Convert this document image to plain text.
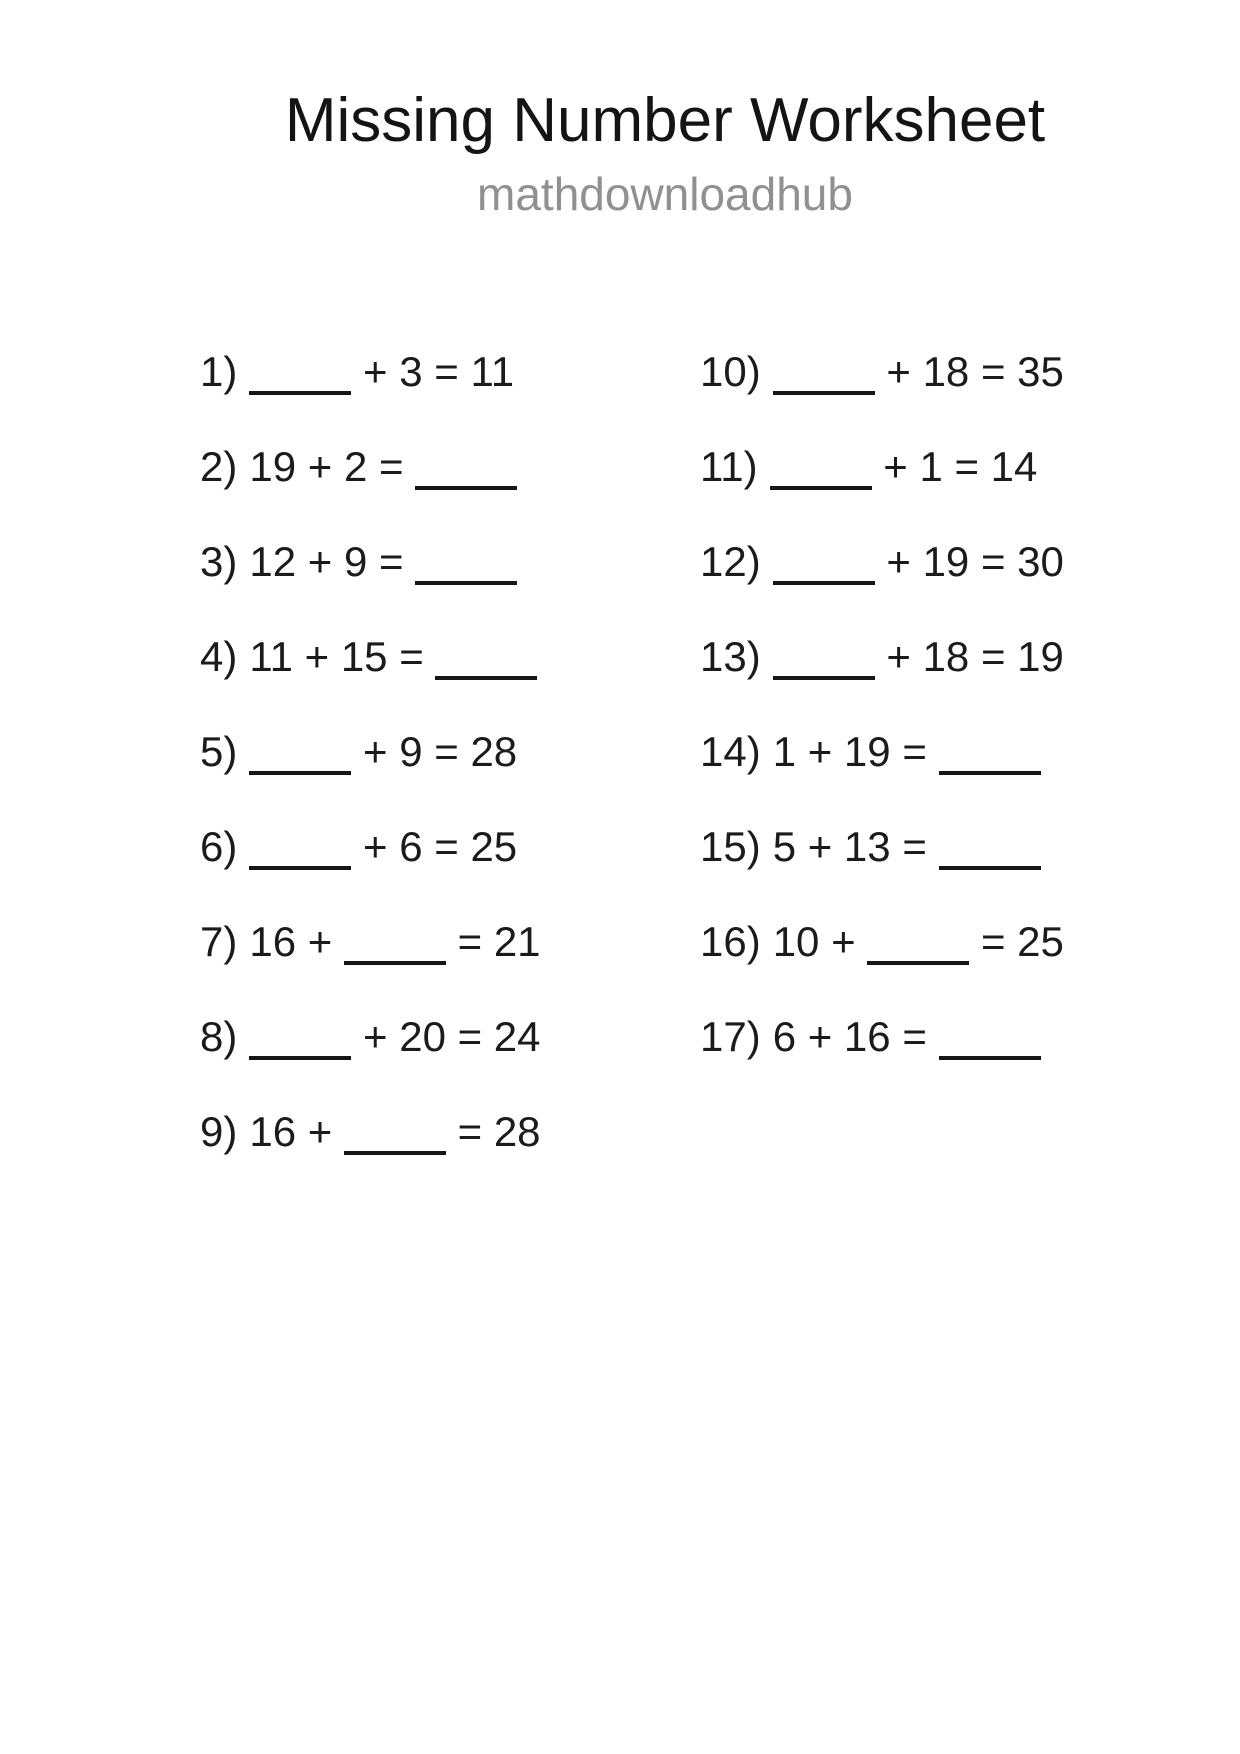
Missing Number Worksheet
mathdownloadhub
1)	+ 3 = 11
2) 19 + 2 =
3) 12 + 9 =
4) 11 + 15 =
5)	+ 9 = 28
6)	+ 6 = 25
7) 16 +  = 21
8)	+ 20 = 24
9) 16 +  = 28
10)	+ 18 = 35
11)	+ 1 = 14
12)	+ 19 = 30
13)	+ 18 = 19
14) 1 + 19 =
15) 5 + 13 =
16) 10 +  = 25
17) 6 + 16 =
